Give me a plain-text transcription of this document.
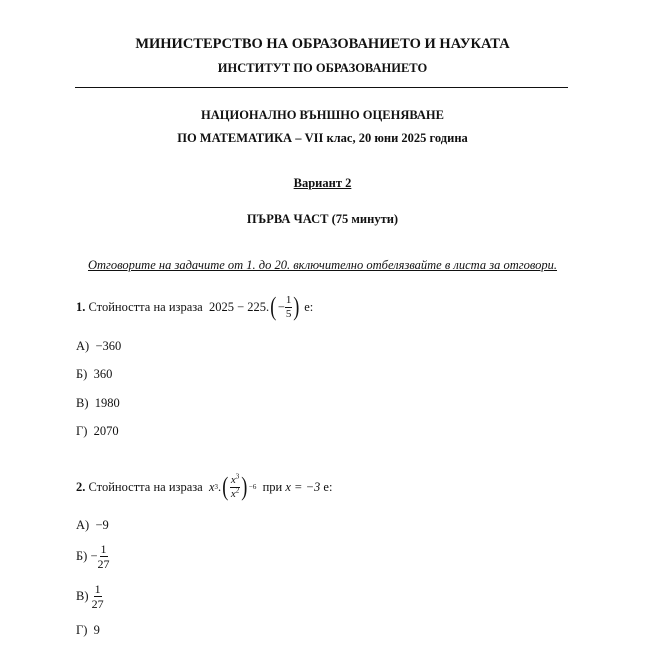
МИНИСТЕРСТВО НА ОБРАЗОВАНИЕТО И НАУКАТА
ИНСТИТУТ ПО ОБРАЗОВАНИЕТО
НАЦИОНАЛНО ВЪНШНО ОЦЕНЯВАНЕ
ПО МАТЕМАТИКА – VII клас, 20 юни 2025 година
Вариант 2
ПЪРВА ЧАСТ (75 минути)
Отговорите на задачите от 1. до 20. включително отбелязвайте в листа за отговори.
1.
Стойността на израза
2025 − 225. ( − $\frac{1}{5}$ )
е:
А) −360
Б) 360
В) 1980
Г) 2070
2.
Стойността на израза
x 3 . ( $\frac{x^3}{x^2}$ ) −6
при
x = −3
е:
А) −9
Б)
− $\frac{1}{27}$
В)
$\frac{1}{27}$
Г) 9
